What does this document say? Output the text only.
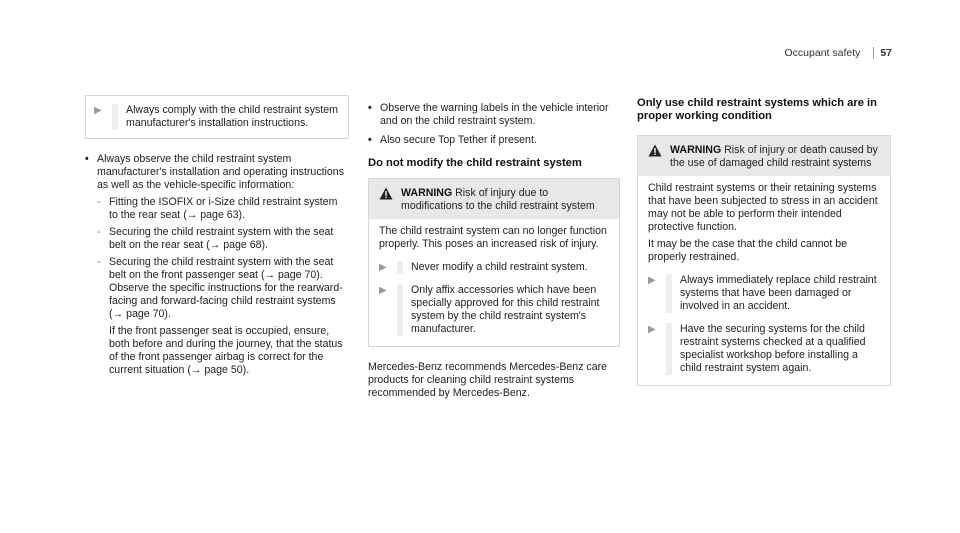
Occupant safety 57
▶	Always comply with the child restraint system manufacturer's installation instructions.
• Always observe the child restraint system manufacturer's installation and operating instructions as well as the vehicle-specific information:

- Fitting the ISOFIX or i-Size child restraint system to the rear seat (→ page 63).
- Securing the child restraint system with the seat belt on the rear seat (→ page 68).
- Securing the child restraint system with the seat belt on the front passenger seat (→ page 70). Observe the specific instructions for the rearward-facing and forward-facing child restraint systems (→ page 70).

If the front passenger seat is occupied, ensure, both before and during the journey, that the status of the front passenger airbag is correct for the current situation (→ page 50).

• Observe the warning labels in the vehicle interior and on the child restraint system.
• Also secure Top Tether if present.
Do not modify the child restraint system
WARNING Risk of injury due to modifications to the child restraint system

The child restraint system can no longer function properly. This poses an increased risk of injury.

▶	Never modify a child restraint system.
▶	Only affix accessories which have been specially approved for this child restraint system by the child restraint system's manufacturer.

Mercedes-Benz recommends Mercedes-Benz care products for cleaning child restraint systems recommended by Mercedes-Benz.

Only use child restraint systems which are in proper working condition
WARNING Risk of injury or death caused by the use of damaged child restraint systems

Child restraint systems or their retaining systems that have been subjected to stress in an accident may not be able to perform their intended protective function.

It may be the case that the child cannot be properly restrained.

▶	Always immediately replace child restraint systems that have been damaged or involved in an accident.
▶	Have the securing systems for the child restraint systems checked at a qualified specialist workshop before installing a child restraint system again.
